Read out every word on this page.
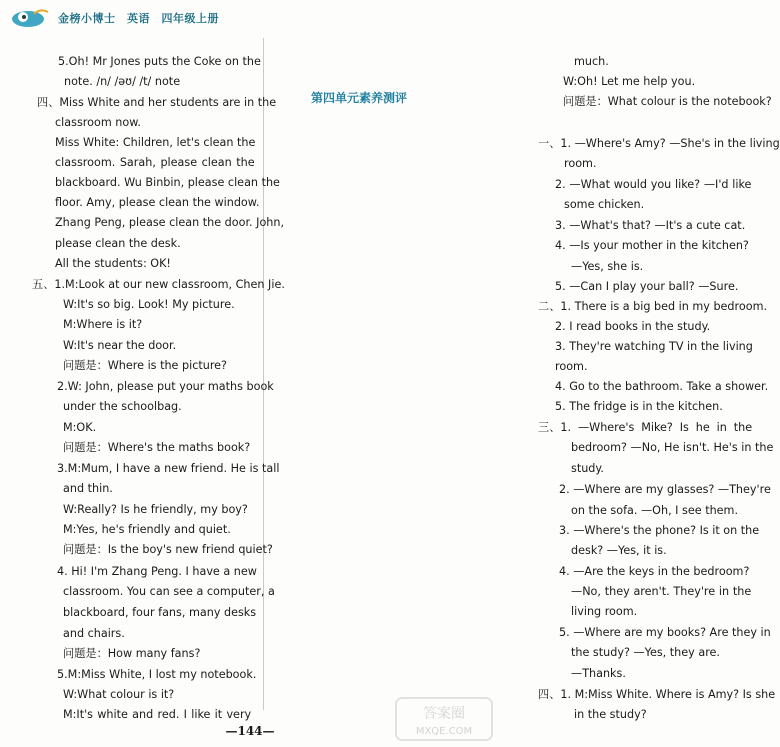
金榜小博士　英语　四年级上册
5.Oh! Mr Jones puts the Coke on the
note. /n/ /əʊ/ /t/ note
四、Miss White and her students are in the
classroom now.
Miss White: Children, let's clean the
classroom. Sarah, please clean the
blackboard. Wu Binbin, please clean the
floor. Amy, please clean the window.
Zhang Peng, please clean the door. John,
please clean the desk.
All the students: OK!
五、1.M:Look at our new classroom, Chen Jie.
W:It's so big. Look! My picture.
M:Where is it?
W:It's near the door.
问题是：Where is the picture?
2.W: John, please put your maths book
under the schoolbag.
M:OK.
问题是：Where's the maths book?
3.M:Mum, I have a new friend. He is tall
and thin.
W:Really? Is he friendly, my boy?
M:Yes, he's friendly and quiet.
问题是：Is the boy's new friend quiet?
4. Hi! I'm Zhang Peng. I have a new
classroom. You can see a computer, a
blackboard, four fans, many desks
and chairs.
问题是：How many fans?
5.M:Miss White, I lost my notebook.
W:What colour is it?
M:It's white and red. I like it very
much.
W:Oh! Let me help you.
问题是：What colour is the notebook?
一、1. —Where's Amy? —She's in the living
room.
2. —What would you like? —I'd like
some chicken.
3. —What's that? —It's a cute cat.
4. —Is your mother in the kitchen?
—Yes, she is.
5. —Can I play your ball? —Sure.
二、1. There is a big bed in my bedroom.
2. I read books in the study.
3. They're watching TV in the living
room.
4. Go to the bathroom. Take a shower.
5. The fridge is in the kitchen.
三、1. —Where's Mike? Is he in the
bedroom? —No, He isn't. He's in the
study.
2. —Where are my glasses? —They're
on the sofa. —Oh, I see them.
3. —Where's the phone? Is it on the
desk? —Yes, it is.
4. —Are the keys in the bedroom?
—No, they aren't. They're in the
living room.
5. —Where are my books? Are they in
the study? —Yes, they are.
—Thanks.
四、1. M:Miss White. Where is Amy? Is she
in the study?
第四单元素养测评
—144—
答案圈
MXQE.COM
